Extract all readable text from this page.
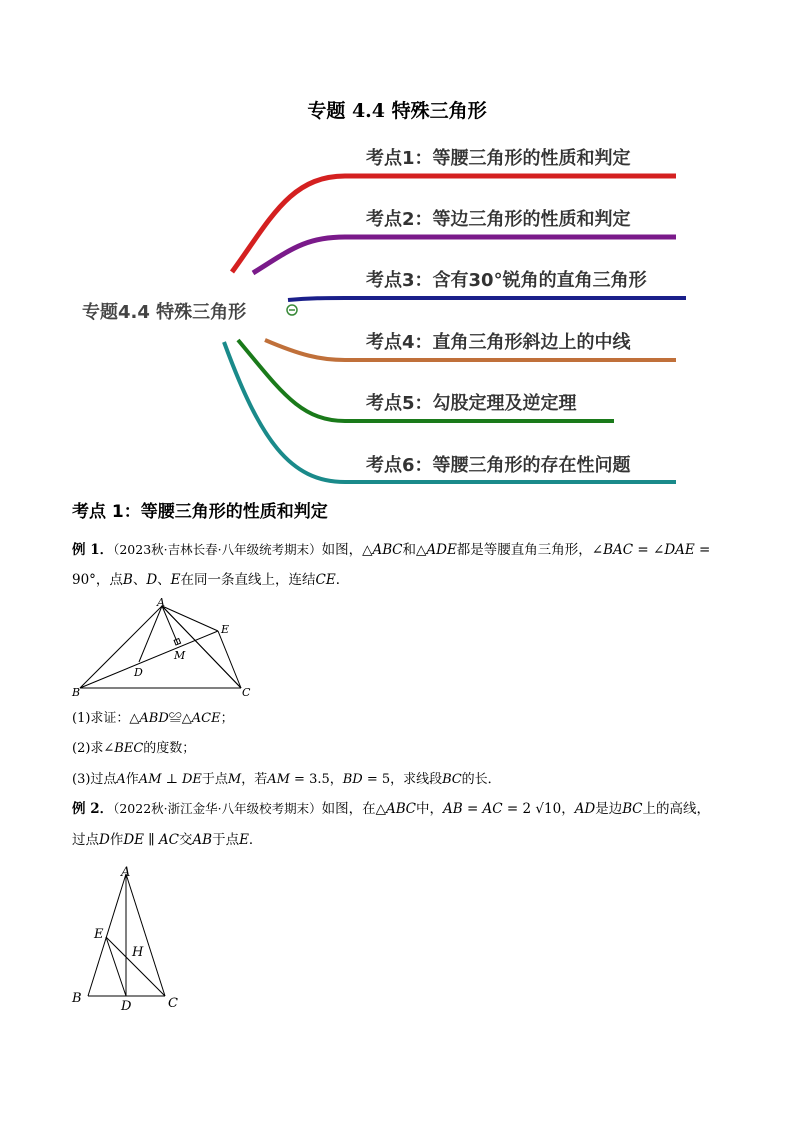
专题 4.4 特殊三角形
专题4.4 特殊三角形
考点1：等腰三角形的性质和判定
考点2：等边三角形的性质和判定
考点3：含有30°锐角的直角三角形
考点4：直角三角形斜边上的中线
考点5：勾股定理及逆定理
考点6：等腰三角形的存在性问题
考点 1：等腰三角形的性质和判定
例 1．（2023秋·吉林长春·八年级统考期末）如图，△𝐴𝐵𝐶和△𝐴𝐷𝐸都是等腰直角三角形，∠𝐵𝐴𝐶 = ∠𝐷𝐴𝐸 =
90°，点𝐵、𝐷、𝐸在同一条直线上，连结𝐶𝐸．
A
B	C
D
E
M
(1)求证：△𝐴𝐵𝐷≌△𝐴𝐶𝐸；
(2)求∠𝐵𝐸𝐶的度数；
(3)过点𝐴作𝐴𝑀 ⊥ 𝐷𝐸于点𝑀，若𝐴𝑀 = 3.5，𝐵𝐷 = 5，求线段𝐵𝐶的长．
例 2．（2022秋·浙江金华·八年级校考期末）如图，在△𝐴𝐵𝐶中，𝐴𝐵 = 𝐴𝐶 = 2 √10，𝐴𝐷是边𝐵𝐶上的高线，
过点𝐷作𝐷𝐸 ∥ 𝐴𝐶交𝐴𝐵于点𝐸．
A
B	C
D
E
H
